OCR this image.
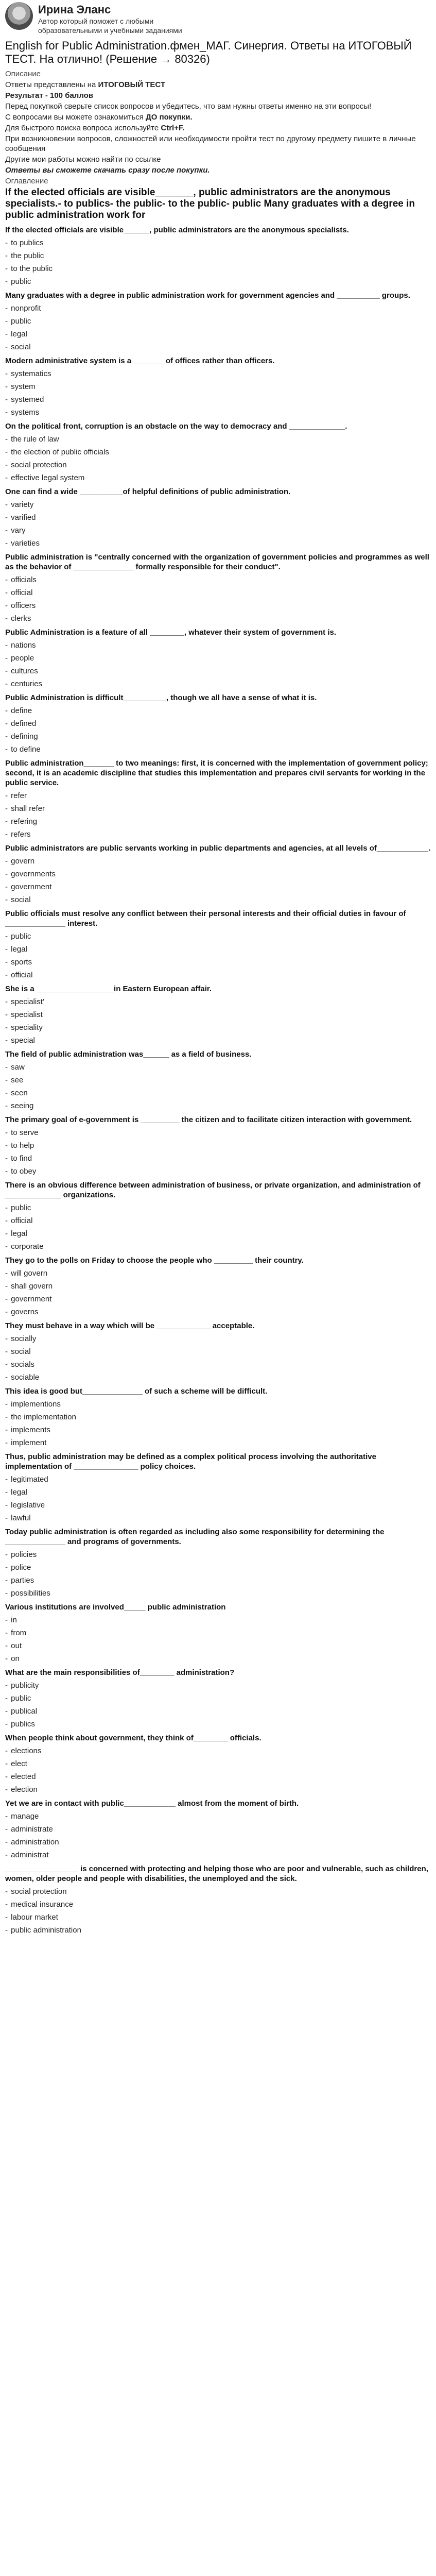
Ирина Эланс
Автор который поможет с любыми образовательными и учебными заданиями
English for Public Administration.фмен_МАГ. Синергия. Ответы на ИТОГОВЫЙ ТЕСТ. На отлично! (Решение → 80326)
Описание
Ответы представлены на ИТОГОВЫЙ ТЕСТ
Результат - 100 баллов
Перед покупкой сверьте список вопросов и убедитесь, что вам нужны ответы именно на эти вопросы!
С вопросами вы можете ознакомиться ДО покупки.
Для быстрого поиска вопроса используйте Ctrl+F.
При возникновении вопросов, сложностей или необходимости пройти тест по другому предмету пишите в личные сообщения
Другие мои работы можно найти по ссылке
Ответы вы сможете скачать сразу после покупки.
Оглавление
If the elected officials are visible_______, public administrators are the anonymous specialists.- to publics- the public- to the public- public Many graduates with a degree in public administration work for
If the elected officials are visible______, public administrators are the anonymous specialists.
- to publics
- the public
- to the public
- public
Many graduates with a degree in public administration work for government agencies and __________ groups.
- nonprofit
- public
- legal
- social
Modern administrative system is a _______ of offices rather than officers.
- systematics
- system
- systemed
- systems
On the political front, corruption is an obstacle on the way to democracy and _____________.
- the rule of law
- the election of public officials
- social protection
- effective legal system
One can find a wide __________of helpful definitions of public administration.
- variety
- varified
- vary
- varieties
Public administration is "centrally concerned with the organization of government policies and programmes as well as the behavior of ______________ formally responsible for their conduct".
- officials
- official
- officers
- clerks
Public Administration is a feature of all ________, whatever their system of government is.
- nations
- people
- cultures
- centuries
Public Administration is difficult__________, though we all have a sense of what it is.
- define
- defined
- defining
- to define
Public administration_______ to two meanings: first, it is concerned with the implementation of government policy; second, it is an academic discipline that studies this implementation and prepares civil servants for working in the public service.
- refer
- shall refer
- refering
- refers
Public administrators are public servants working in public departments and agencies, at all levels of____________.
- govern
- governments
- government
- social
Public officials must resolve any conflict between their personal interests and their official duties in favour of ______________ interest.
- public
- legal
- sports
- official
She is a __________________in Eastern European affair.
- specialist'
- specialist
- speciality
- special
The field of public administration was______ as a field of business.
- saw
- see
- seen
- seeing
The primary goal of e-government is _________ the citizen and to facilitate citizen interaction with government.
- to serve
- to help
- to find
- to obey
There is an obvious difference between administration of business, or private organization, and administration of _____________ organizations.
- public
- official
- legal
- corporate
They go to the polls on Friday to choose the people who _________ their country.
- will govern
- shall govern
- government
- governs
They must behave in a way which will be _____________acceptable.
- socially
- social
- socials
- sociable
This idea is good but______________ of such a scheme will be difficult.
- implementions
- the implementation
- implements
- implement
Thus, public administration may be defined as a complex political process involving the authoritative implementation of _______________ policy choices.
- legitimated
- legal
- legislative
- lawful
Today public administration is often regarded as including also some responsibility for determining the ______________ and programs of governments.
- policies
- police
- parties
- possibilities
Various institutions are involved_____ public administration
- in
- from
- out
- on
What are the main responsibilities of________ administration?
- publicity
- public
- publical
- publics
When people think about government, they think of________ officials.
- elections
- elect
- elected
- election
Yet we are in contact with public____________ almost from the moment of birth.
- manage
- administrate
- administration
- administrat
_________________ is concerned with protecting and helping those who are poor and vulnerable, such as children, women, older people and people with disabilities, the unemployed and the sick.
- social protection
- medical insurance
- labour market
- public administration
